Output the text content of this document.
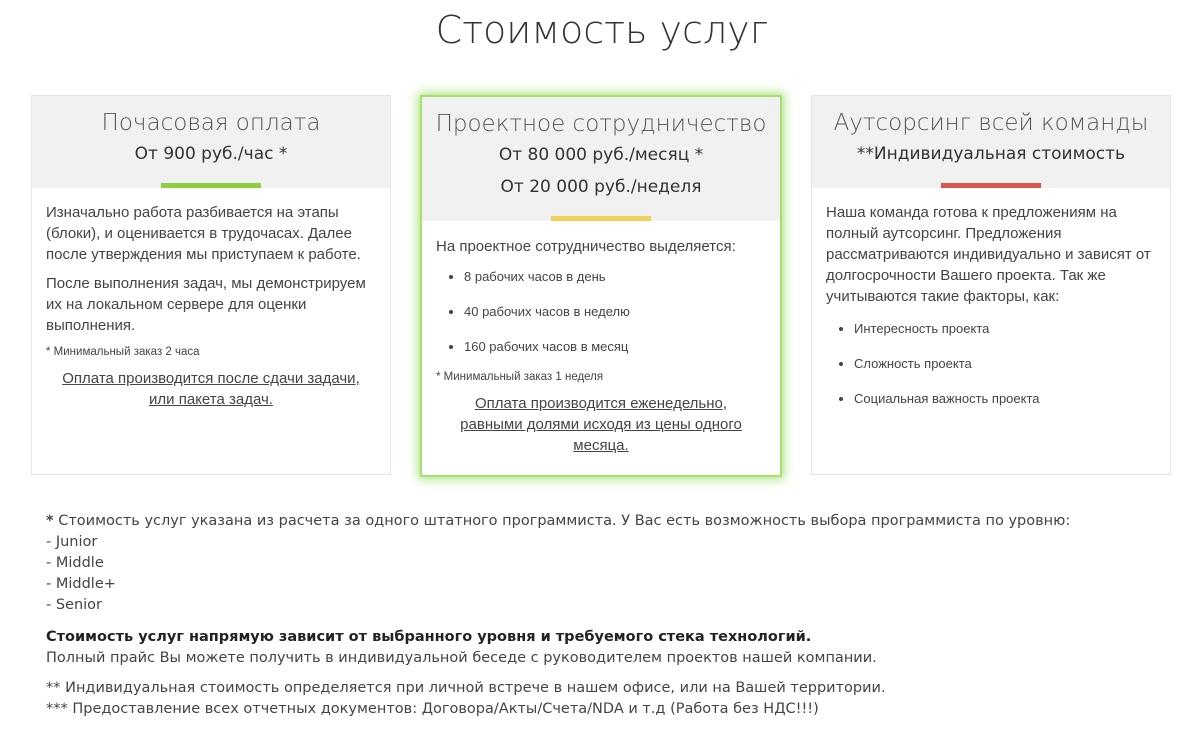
Стоимость услуг
Почасовая оплата
От 900 руб./час *

Изначально работа разбивается на этапы (блоки), и оценивается в трудочасах. Далее после утверждения мы приступаем к работе.

После выполнения задач, мы демонстрируем их на локальном сервере для оценки выполнения.

* Минимальный заказ 2 часа

Оплата производится после сдачи задачи, или пакета задач.
Проектное сотрудничество
От 80 000 руб./месяц *
От 20 000 руб./неделя

На проектное сотрудничество выделяется:

• 8 рабочих часов в день
• 40 рабочих часов в неделю
• 160 рабочих часов в месяц

* Минимальный заказ 1 неделя

Оплата производится еженедельно, равными долями исходя из цены одного месяца.
Аутсорсинг всей команды
**Индивидуальная стоимость

Наша команда готова к предложениям на полный аутсорсинг. Предложения рассматриваются индивидуально и зависят от долгосрочности Вашего проекта. Так же учитываются такие факторы, как:

• Интересность проекта
• Сложность проекта
• Социальная важность проекта

* Стоимость услуг указана из расчета за одного штатного программиста. У Вас есть возможность выбора программиста по уровню:

- Junior

- Middle

- Middle+

- Senior

Стоимость услуг напрямую зависит от выбранного уровня и требуемого стека технологий.

Полный прайс Вы можете получить в индивидуальной беседе с руководителем проектов нашей компании.

** Индивидуальная стоимость определяется при личной встрече в нашем офисе, или на Вашей территории.

*** Предоставление всех отчетных документов: Договора/Акты/Счета/NDA и т.д (Работа без НДС!!!)
